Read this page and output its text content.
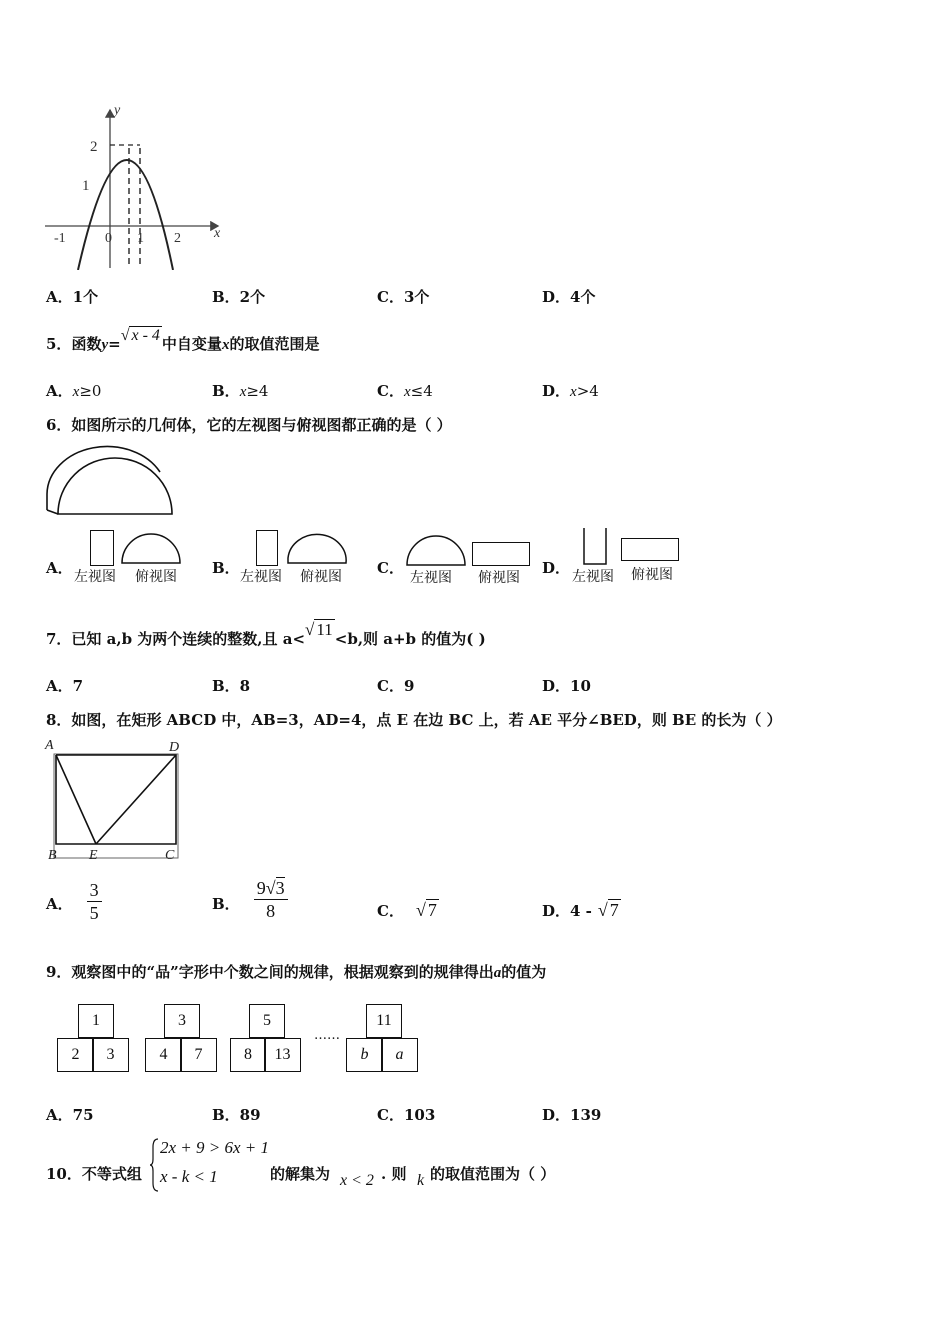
y
x
2
1
-1	0 1 2
A．1个	B．2个	C．3个	D．4个
5．函数y=√ x - 4 中自变量x的取值范围是
A．x≥0	B．x≥4	C．x≤4	D．x>4
6．如图所示的几何体，它的左视图与俯视图都正确的是（ ）
A． 左视图 俯视图 B． 左视图 俯视图 C．
左视图 俯视图
D． 左视图 俯视图
7．已知 a,b 为两个连续的整数,且 a<√ 11 <b,则 a+b 的值为( )
A．7	B．8	C．9	D．10
8．如图，在矩形 ABCD 中，AB=3，AD=4，点 E 在边 BC 上，若 AE 平分∠BED，则 BE 的长为（ ）
A	D
B E	C
A． $\frac{3}{5}$	B． $\frac{9√3}{8}$	C． √ 7	D．4 - √ 7
9．观察图中的“品”字形中个数之间的规律，根据观察到的规律得出a的值为
1
2	3
3
4	7
5
8	13
……
11
b	a
A．75	B．89	C．103	D．139
10．不等式组
2x + 9 > 6x + 1
x - k < 1	的解集为 x < 2 . 则 k 的取值范围为（ ）
